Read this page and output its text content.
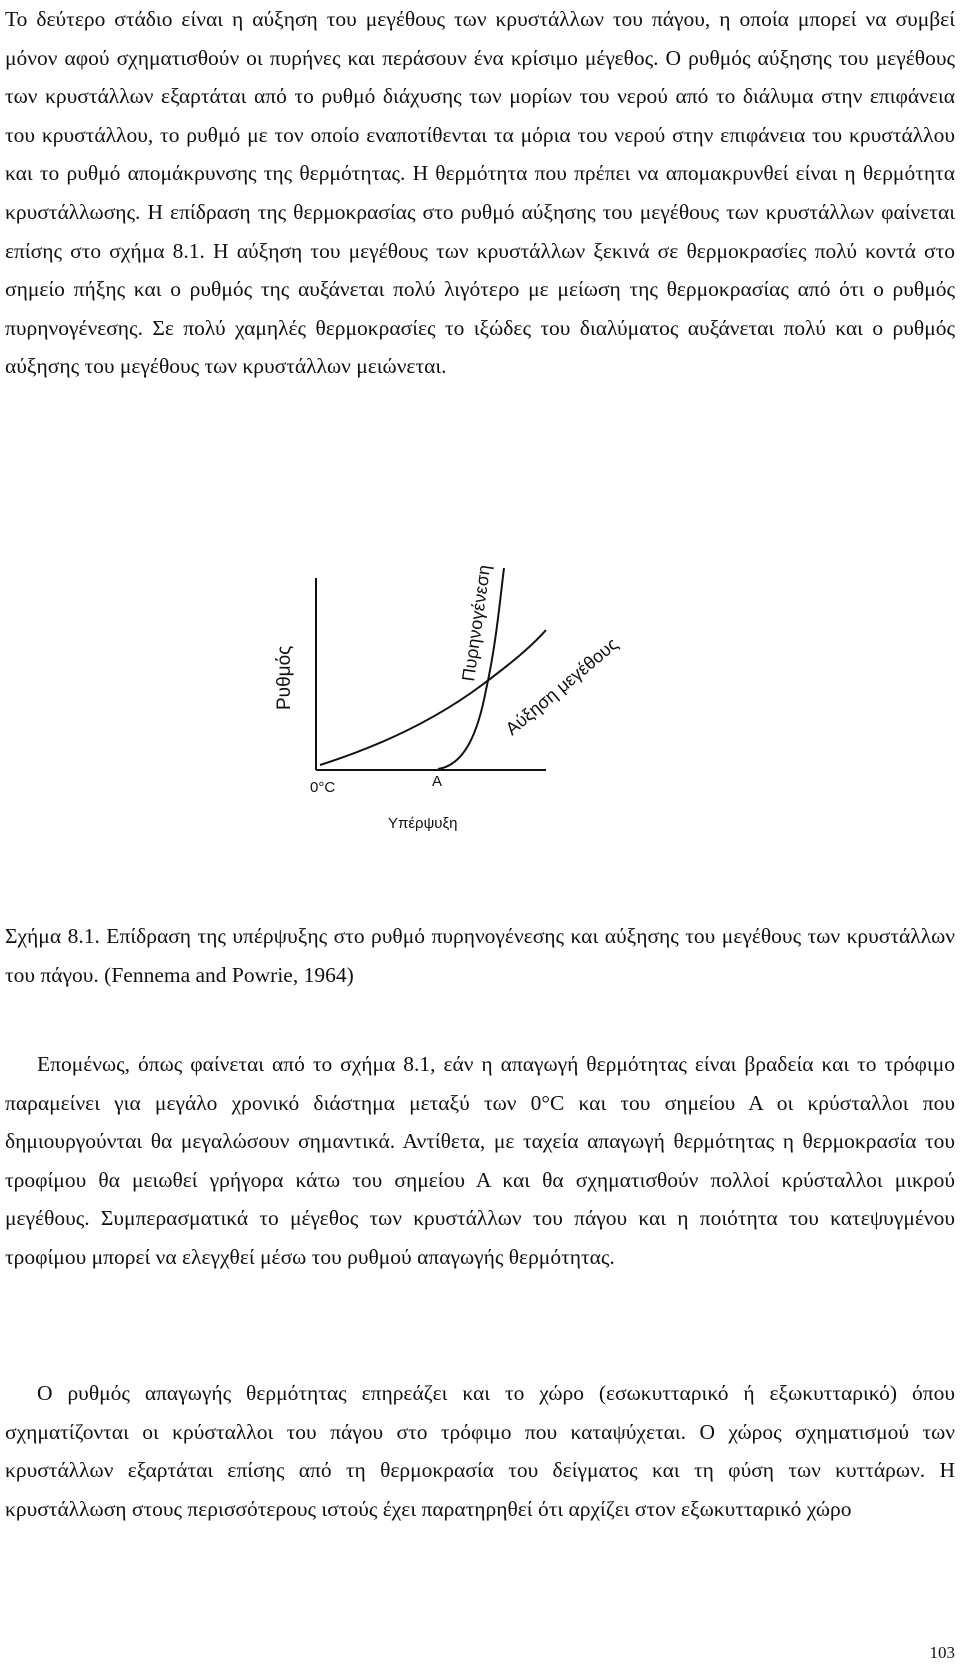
Το δεύτερο στάδιο είναι η αύξηση του μεγέθους των κρυστάλλων του πάγου, η οποία μπορεί να συμβεί μόνον αφού σχηματισθούν οι πυρήνες και περάσουν ένα κρίσιμο μέγεθος. Ο ρυθμός αύξησης του μεγέθους των κρυστάλλων εξαρτάται από το ρυθμό διάχυσης των μορίων του νερού από το διάλυμα στην επιφάνεια του κρυστάλλου, το ρυθμό με τον οποίο εναποτίθενται τα μόρια του νερού στην επιφάνεια του κρυστάλλου και το ρυθμό απομάκρυνσης της θερμότητας. Η θερμότητα που πρέπει να απομακρυνθεί είναι η θερμότητα κρυστάλλωσης. Η επίδραση της θερμοκρασίας στο ρυθμό αύξησης του μεγέθους των κρυστάλλων φαίνεται επίσης στο σχήμα 8.1. Η αύξηση του μεγέθους των κρυστάλλων ξεκινά σε θερμοκρασίες πολύ κοντά στο σημείο πήξης και ο ρυθμός της αυξάνεται πολύ λιγότερο με μείωση της θερμοκρασίας από ότι ο ρυθμός πυρηνογένεσης. Σε πολύ χαμηλές θερμοκρασίες το ιξώδες του διαλύματος αυξάνεται πολύ και ο ρυθμός αύξησης του μεγέθους των κρυστάλλων μειώνεται.

Ρυθμός	Πυρηνογένεση
Αύξηση μεγέθους
0°C	Α
Υπέρψυξη

Σχήμα 8.1. Επίδραση της υπέρψυξης στο ρυθμό πυρηνογένεσης και αύξησης του μεγέθους των κρυστάλλων του πάγου. (Fennema and Powrie, 1964)

Επομένως, όπως φαίνεται από το σχήμα 8.1, εάν η απαγωγή θερμότητας είναι βραδεία και το τρόφιμο παραμείνει για μεγάλο χρονικό διάστημα μεταξύ των 0°C και του σημείου Α οι κρύσταλλοι που δημιουργούνται θα μεγαλώσουν σημαντικά. Αντίθετα, με ταχεία απαγωγή θερμότητας η θερμοκρασία του τροφίμου θα μειωθεί γρήγορα κάτω του σημείου Α και θα σχηματισθούν πολλοί κρύσταλλοι μικρού μεγέθους. Συμπερασματικά το μέγεθος των κρυστάλλων του πάγου και η ποιότητα του κατεψυγμένου τροφίμου μπορεί να ελεγχθεί μέσω του ρυθμού απαγωγής θερμότητας.

Ο ρυθμός απαγωγής θερμότητας επηρεάζει και το χώρο (εσωκυτταρικό ή εξωκυτταρικό) όπου σχηματίζονται οι κρύσταλλοι του πάγου στο τρόφιμο που καταψύχεται. Ο χώρος σχηματισμού των κρυστάλλων εξαρτάται επίσης από τη θερμοκρασία του δείγματος και τη φύση των κυττάρων. Η κρυστάλλωση στους περισσότερους ιστούς έχει παρατηρηθεί ότι αρχίζει στον εξωκυτταρικό χώρο

103
